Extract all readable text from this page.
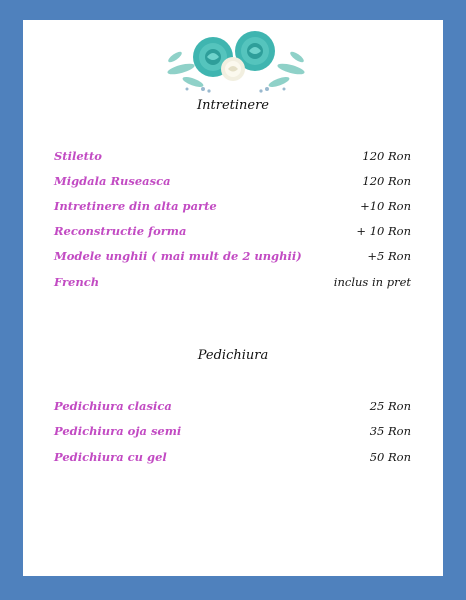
Intretinere
Stiletto	120 Ron
Migdala Ruseasca	120 Ron
Intretinere din alta parte	+10 Ron
Reconstructie forma	+ 10 Ron
Modele unghii ( mai mult de 2 unghii)	+5 Ron
French	inclus in pret
Pedichiura
Pedichiura clasica	25 Ron
Pedichiura oja semi	35 Ron
Pedichiura cu gel	50 Ron
